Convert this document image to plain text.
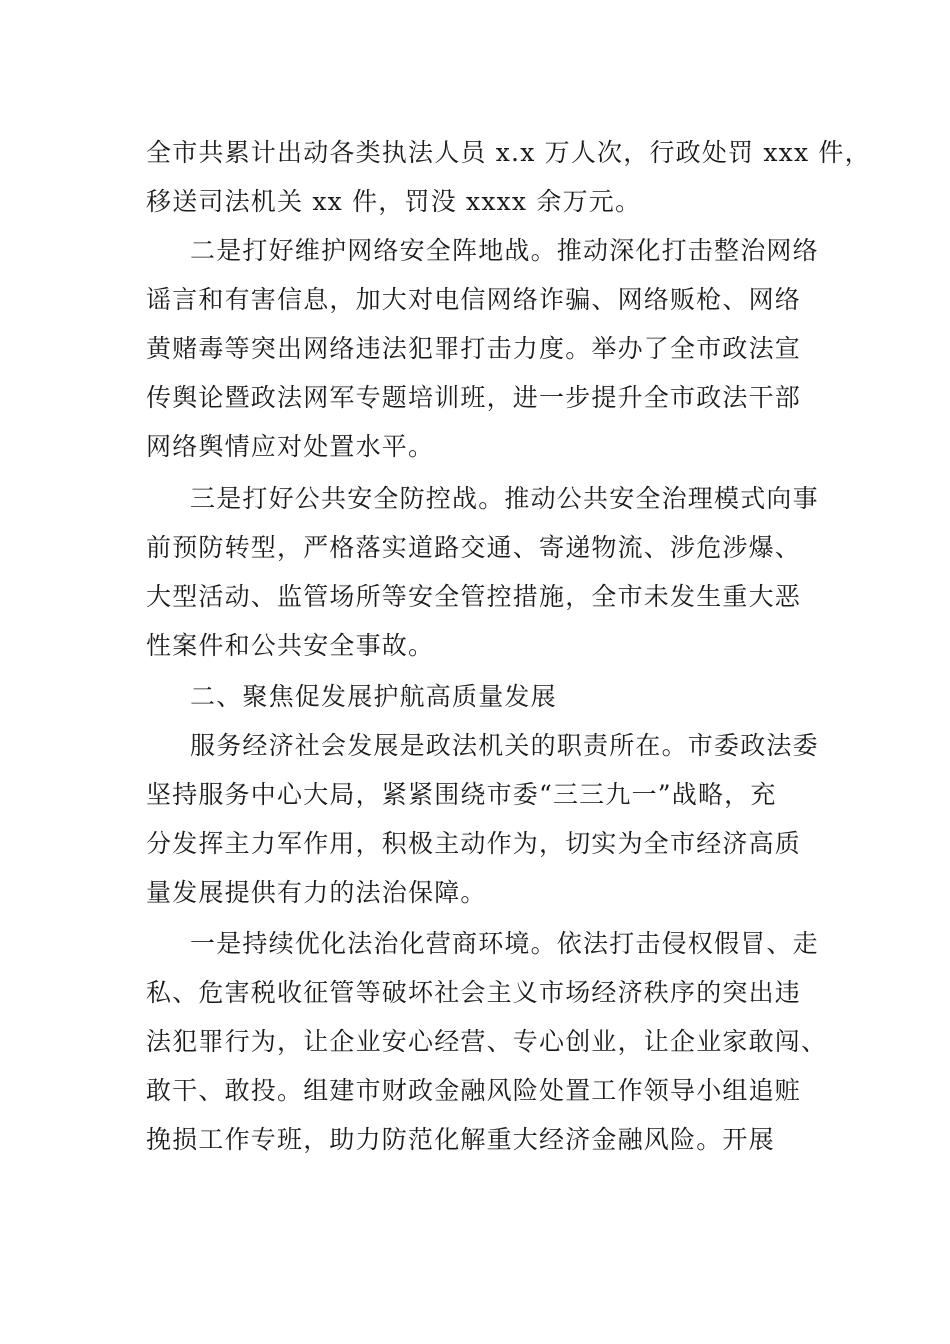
全市共累计出动各类执法人员 x.x 万人次，行政处罚 xxx 件，
移送司法机关 xx 件，罚没 xxxx 余万元。
二是打好维护网络安全阵地战。推动深化打击整治网络
谣言和有害信息，加大对电信网络诈骗、网络贩枪、网络
黄赌毒等突出网络违法犯罪打击力度。举办了全市政法宣
传舆论暨政法网军专题培训班，进一步提升全市政法干部
网络舆情应对处置水平。
三是打好公共安全防控战。推动公共安全治理模式向事
前预防转型，严格落实道路交通、寄递物流、涉危涉爆、
大型活动、监管场所等安全管控措施，全市未发生重大恶
性案件和公共安全事故。
二、聚焦促发展护航高质量发展
服务经济社会发展是政法机关的职责所在。市委政法委
坚持服务中心大局，紧紧围绕市委“三三九一”战略，充
分发挥主力军作用，积极主动作为，切实为全市经济高质
量发展提供有力的法治保障。
一是持续优化法治化营商环境。依法打击侵权假冒、走
私、危害税收征管等破坏社会主义市场经济秩序的突出违
法犯罪行为，让企业安心经营、专心创业，让企业家敢闯、
敢干、敢投。组建市财政金融风险处置工作领导小组追赃
挽损工作专班，助力防范化解重大经济金融风险。开展
